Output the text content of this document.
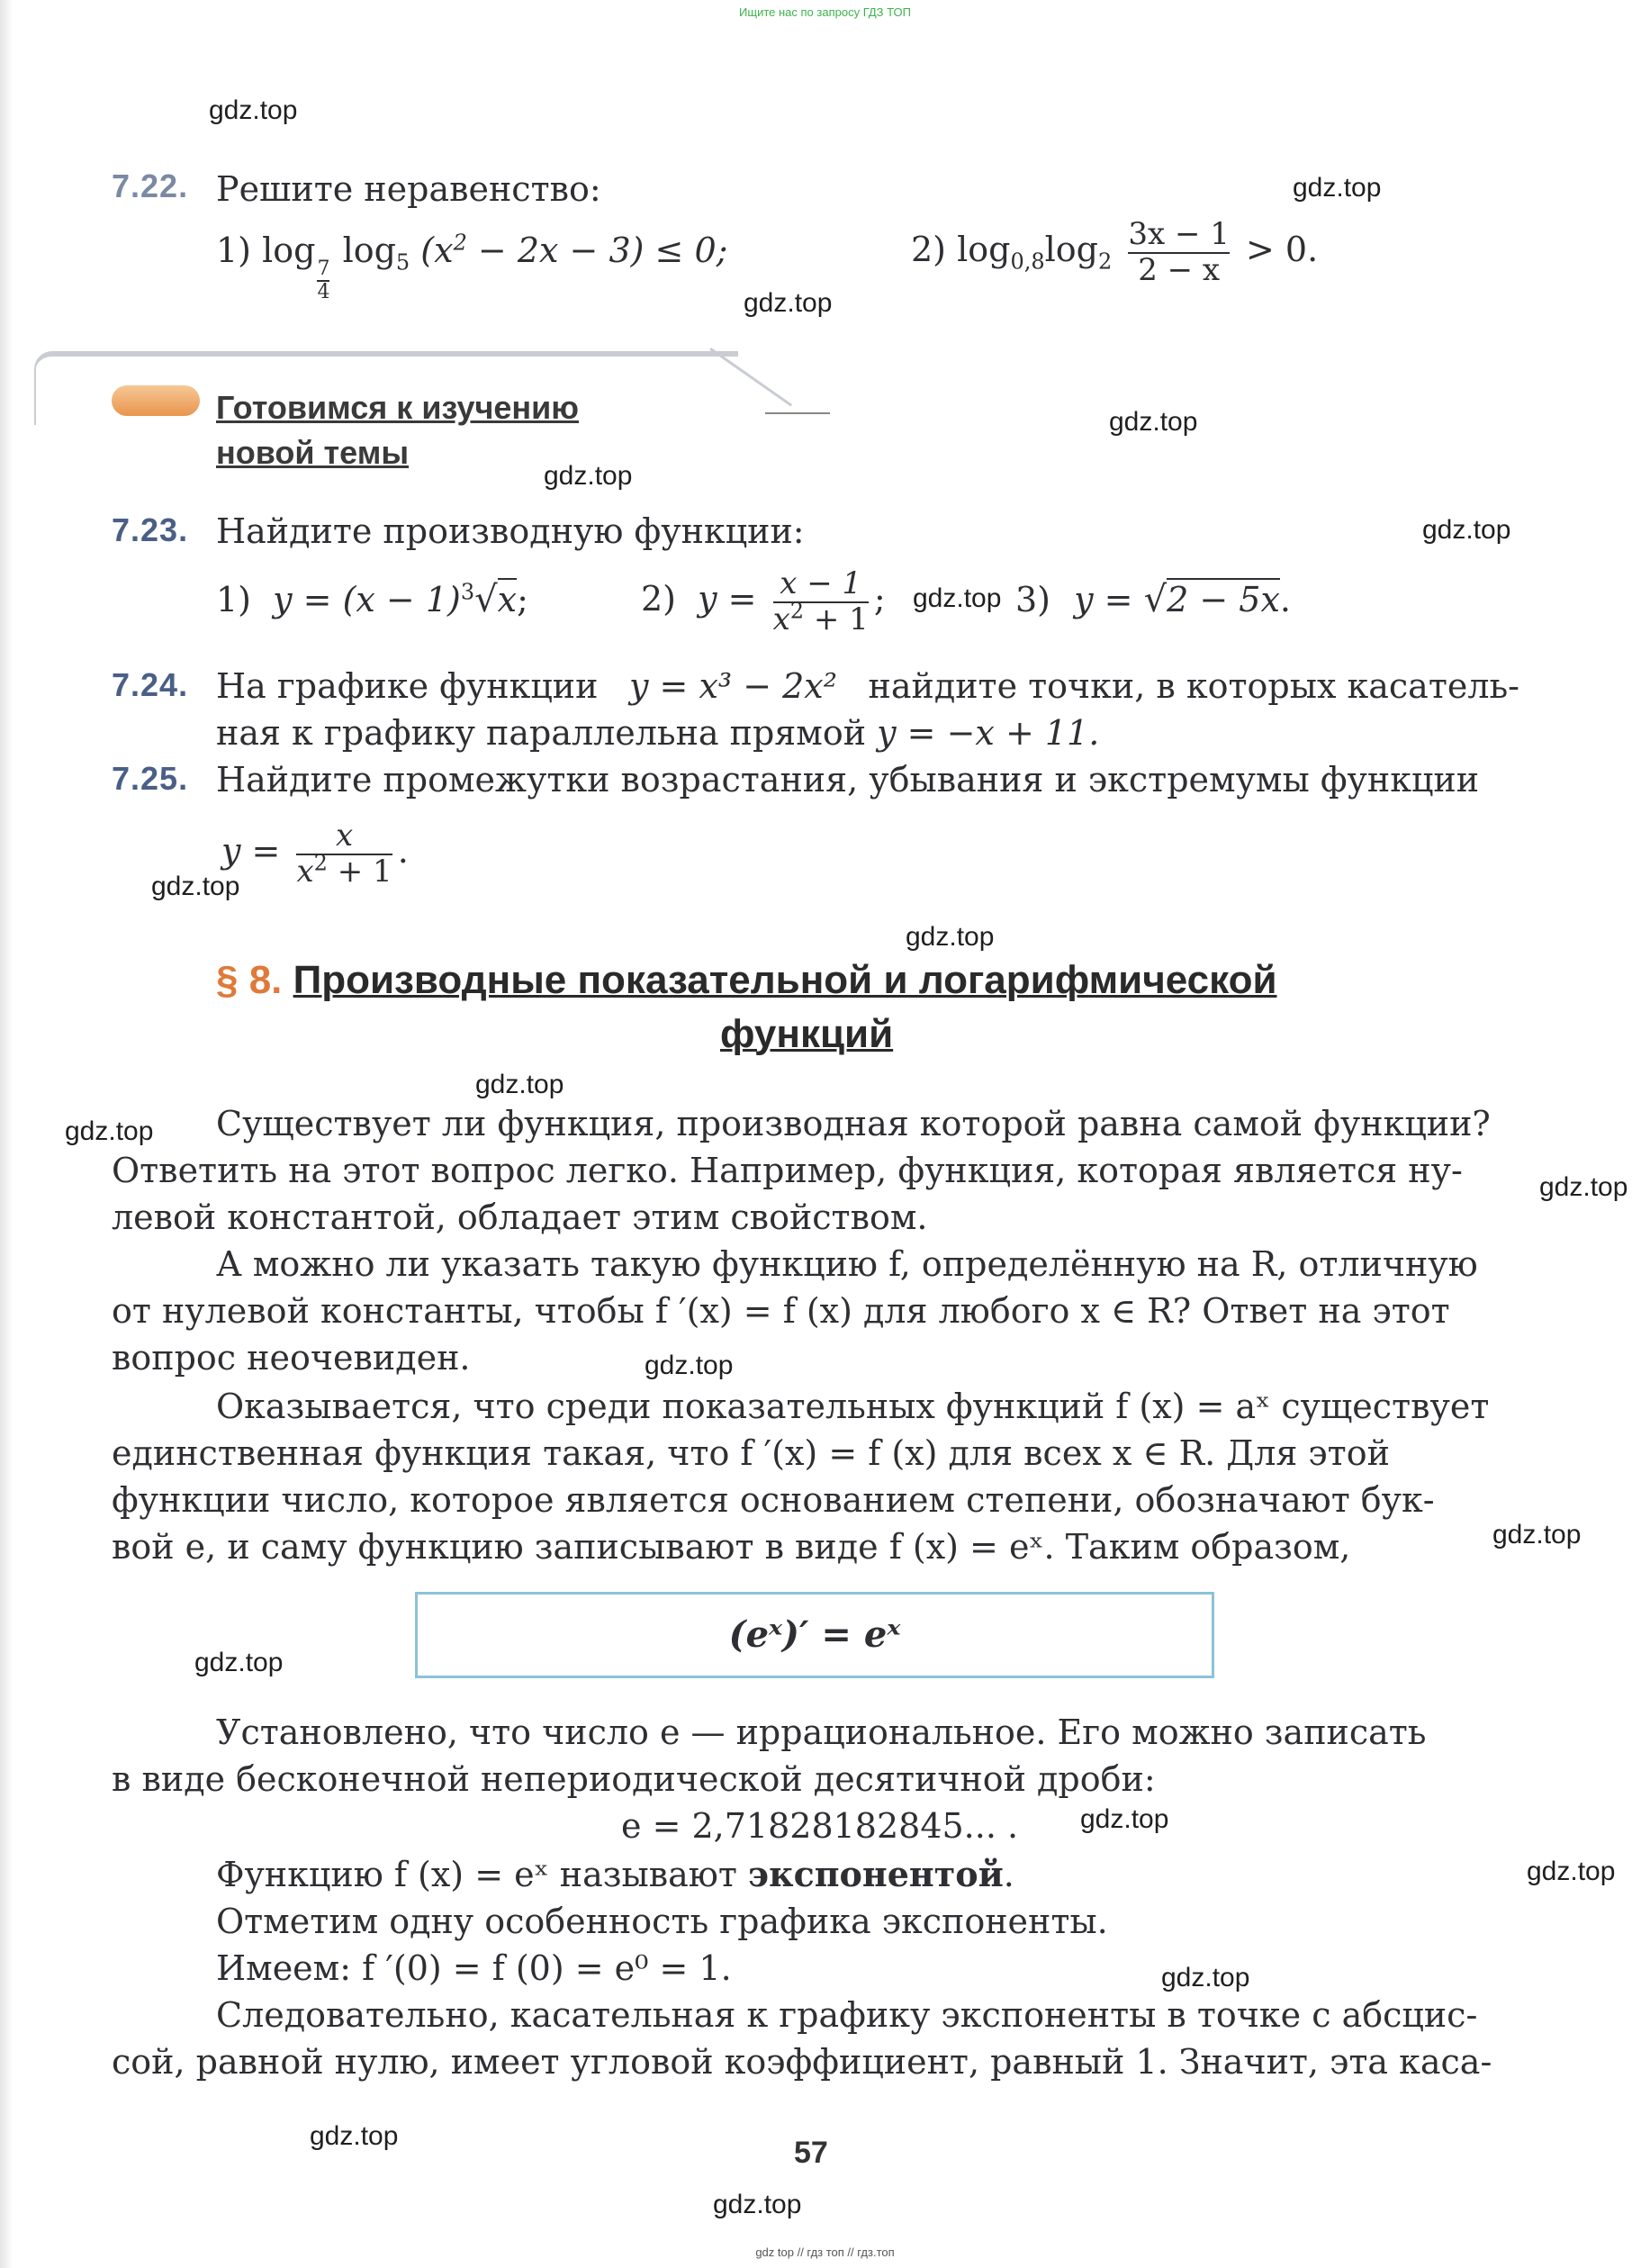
Ищите нас по запросу ГДЗ ТОП
gdz top // гдз топ // гдз.топ
7.22. Решите неравенство:
1) log
$\frac{7}{4}$
$\log_5 (x^2 - 2x - 3) \le 0$;	2) $\log_{0,8}\log_2 \frac{3x - 1}{2 - x} > 0$.
Готовимся к изучению
новой темы
7.23. Найдите производную функции:
1) $y = (x - 1)^3√x$;	2) $y = \frac{x - 1}{x^2 + 1}$ ;	3) y = √2 − 5x.
7.24. На графике функции y = x³ − 2x² найдите точки, в которых касатель-
ная к графику параллельна прямой y = −x + 11.
7.25. Найдите промежутки возрастания, убывания и экстремумы функции
$y = \frac{x}{x^2 + 1}$ .
§ 8. Производные показательной и логарифмической
функций
Существует ли функция, производная которой равна самой функции?
Ответить на этот вопрос легко. Например, функция, которая является ну-
левой константой, обладает этим свойством.
А можно ли указать такую функцию f, определённую на R, отличную
от нулевой константы, чтобы f ′(x) = f (x) для любого x ∈ R? Ответ на этот
вопрос неочевиден.
Оказывается, что среди показательных функций f (x) = aˣ существует
единственная функция такая, что f ′(x) = f (x) для всех x ∈ R. Для этой
функции число, которое является основанием степени, обозначают бук-
вой e, и саму функцию записывают в виде f (x) = eˣ. Таким образом,
(eˣ)′ = eˣ
Установлено, что число e — иррациональное. Его можно записать
в виде бесконечной непериодической десятичной дроби:
e = 2,71828182845... .
Функцию f (x) = eˣ называют экспонентой.
Отметим одну особенность графика экспоненты.
Имеем: f ′(0) = f (0) = e⁰ = 1.
Следовательно, касательная к графику экспоненты в точке с абсцис-
сой, равной нулю, имеет угловой коэффициент, равный 1. Значит, эта каса-
57
gdz.top
gdz.top
gdz.top
gdz.top
gdz.top
gdz.top
gdz.top
gdz.top
gdz.top
gdz.top
gdz.top
gdz.top
gdz.top
gdz.top
gdz.top
gdz.top
gdz.top
gdz.top
gdz.top
gdz.top
